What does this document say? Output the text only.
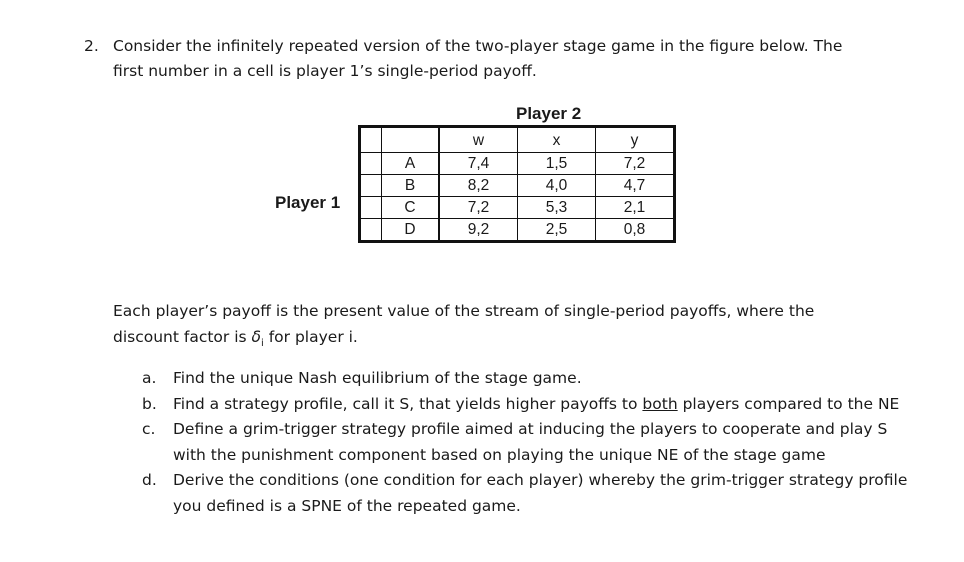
2. Consider the infinitely repeated version of the two-player stage game in the figure below. The first number in a cell is player 1’s single-period payoff.
Player 2
Player 1
		w	x	y
	A	7,4	1,5	7,2
	B	8,2	4,0	4,7
	C	7,2	5,3	2,1
	D	9,2	2,5	0,8
Each player’s payoff is the present value of the stream of single-period payoffs, where the discount factor is $\delta_i$ for player i.
a.	Find the unique Nash equilibrium of the stage game.
b.	Find a strategy profile, call it S, that yields higher payoffs to both players compared to the NE
c.	Define a grim-trigger strategy profile aimed at inducing the players to cooperate and play S with the punishment component based on playing the unique NE of the stage game
d.	Derive the conditions (one condition for each player) whereby the grim-trigger strategy profile you defined is a SPNE of the repeated game.
